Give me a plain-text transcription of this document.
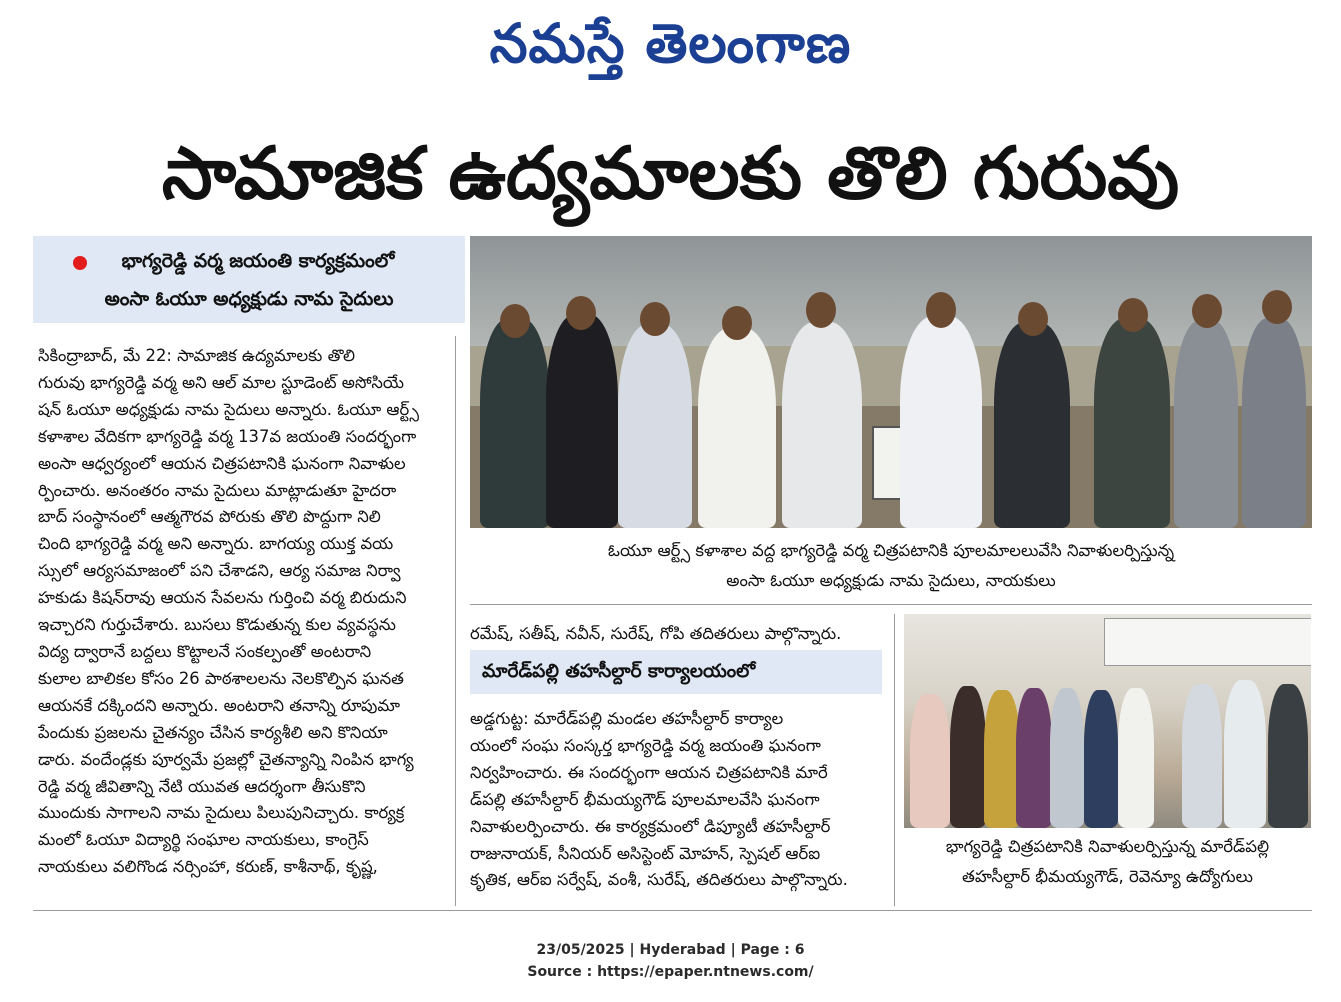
నమస్తే తెలంగాణ
సామాజిక ఉద్యమాలకు తొలి గురువు
భాగ్యరెడ్డి వర్మ జయంతి కార్యక్రమంలో
అంసా ఓయూ అధ్యక్షుడు నామ సైదులు
సికింద్రాబాద్, మే 22: సామాజిక ఉద్యమాలకు తొలి
గురువు భాగ్యరెడ్డి వర్మ అని ఆల్ మాల స్టూడెంట్ అసోసియే
షన్ ఓయూ అధ్యక్షుడు నామ సైదులు అన్నారు. ఓయూ ఆర్ట్స్
కళాశాల వేదికగా భాగ్యరెడ్డి వర్మ 137వ జయంతి సందర్భంగా
అంసా ఆధ్వర్యంలో ఆయన చిత్రపటానికి ఘనంగా నివాళుల
ర్పించారు. అనంతరం నామ సైదులు మాట్లాడుతూ హైదరా
బాద్ సంస్థానంలో ఆత్మగౌరవ పోరుకు తొలి పొద్దుగా నిలి
చింది భాగ్యరెడ్డి వర్మ అని అన్నారు. బాగయ్య యుక్త వయ
స్సులో ఆర్యసమాజంలో పని చేశాడని, ఆర్య సమాజ నిర్వా
హకుడు కిషన్‌రావు ఆయన సేవలను గుర్తించి వర్మ బిరుదుని
ఇచ్చారని గుర్తుచేశారు. బుసలు కొడుతున్న కుల వ్యవస్థను
విద్య ద్వారానే బద్దలు కొట్టాలనే సంకల్పంతో అంటరాని
కులాల బాలికల కోసం 26 పాఠశాలలను నెలకొల్పిన ఘనత
ఆయనకే దక్కిందని అన్నారు. అంటరాని తనాన్ని రూపుమా
పేందుకు ప్రజలను చైతన్యం చేసిన కార్యశీలి అని కొనియా
డారు. వందేండ్లకు పూర్వమే ప్రజల్లో చైతన్యాన్ని నింపిన భాగ్య
రెడ్డి వర్మ జీవితాన్ని నేటి యువత ఆదర్శంగా తీసుకొని
ముందుకు సాగాలని నామ సైదులు పిలుపునిచ్చారు. కార్యక్ర
మంలో ఓయూ విద్యార్థి సంఘాల నాయకులు, కాంగ్రెస్
నాయకులు వలిగొండ నర్సింహా, కరుణ్, కాశీనాథ్, కృష్ణ,
ఓయూ ఆర్ట్స్ కళాశాల వద్ద భాగ్యరెడ్డి వర్మ చిత్రపటానికి పూలమాలలువేసి నివాళులర్పిస్తున్న
అంసా ఓయూ అధ్యక్షుడు నామ సైదులు, నాయకులు
రమేష్, సతీష్, నవీన్, సురేష్, గోపి తదితరులు పాల్గొన్నారు.
మారేడ్‌పల్లి తహసీల్దార్ కార్యాలయంలో
అడ్డగుట్ట: మారేడ్‌పల్లి మండల తహసీల్దార్ కార్యాల
యంలో సంఘ సంస్కర్త భాగ్యరెడ్డి వర్మ జయంతి ఘనంగా
నిర్వహించారు. ఈ సందర్భంగా ఆయన చిత్రపటానికి మారే
డ్‌పల్లి తహసీల్దార్ భీమయ్యగౌడ్ పూలమాలవేసి ఘనంగా
నివాళులర్పించారు. ఈ కార్యక్రమంలో డిప్యూటీ తహసీల్దార్
రాజునాయక్, సీనియర్ అసిస్టెంట్ మోహన్, స్పెషల్ ఆర్ఐ
కృతిక, ఆర్ఐ సర్వేష్, వంశీ, సురేష్, తదితరులు పాల్గొన్నారు.
భాగ్యరెడ్డి చిత్రపటానికి నివాళులర్పిస్తున్న మారేడ్‌పల్లి
తహసీల్దార్ భీమయ్యగౌడ్, రెవెన్యూ ఉద్యోగులు
23/05/2025 | Hyderabad | Page : 6
Source : https://epaper.ntnews.com/
